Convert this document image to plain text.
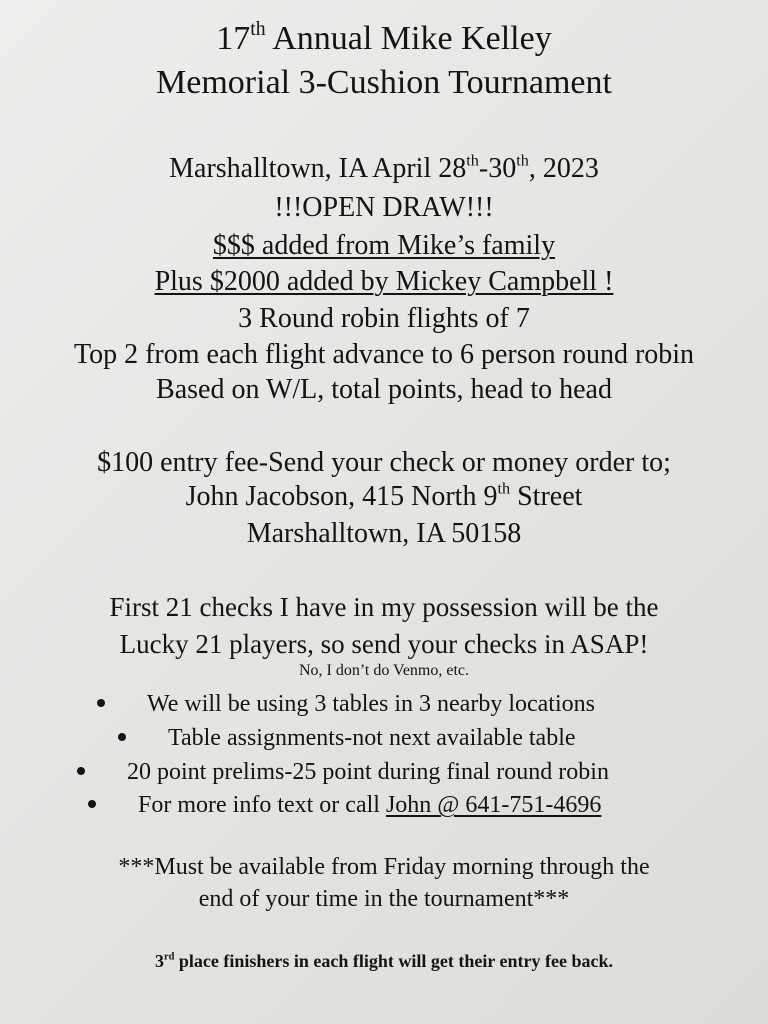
17th Annual Mike Kelley
Memorial 3-Cushion Tournament
Marshalltown, IA April 28th-30th, 2023
!!!OPEN DRAW!!!
$$$ added from Mike’s family
Plus $2000 added by Mickey Campbell !
3 Round robin flights of 7
Top 2 from each flight advance to 6 person round robin
Based on W/L, total points, head to head
$100 entry fee-Send your check or money order to;
John Jacobson, 415 North 9th Street
Marshalltown, IA 50158
First 21 checks I have in my possession will be the
Lucky 21 players, so send your checks in ASAP!
No, I don’t do Venmo, etc.
We will be using 3 tables in 3 nearby locations
Table assignments-not next available table
20 point prelims-25 point during final round robin
For more info text or call John @ 641-751-4696
***Must be available from Friday morning through the
end of your time in the tournament***
3rd place finishers in each flight will get their entry fee back.
